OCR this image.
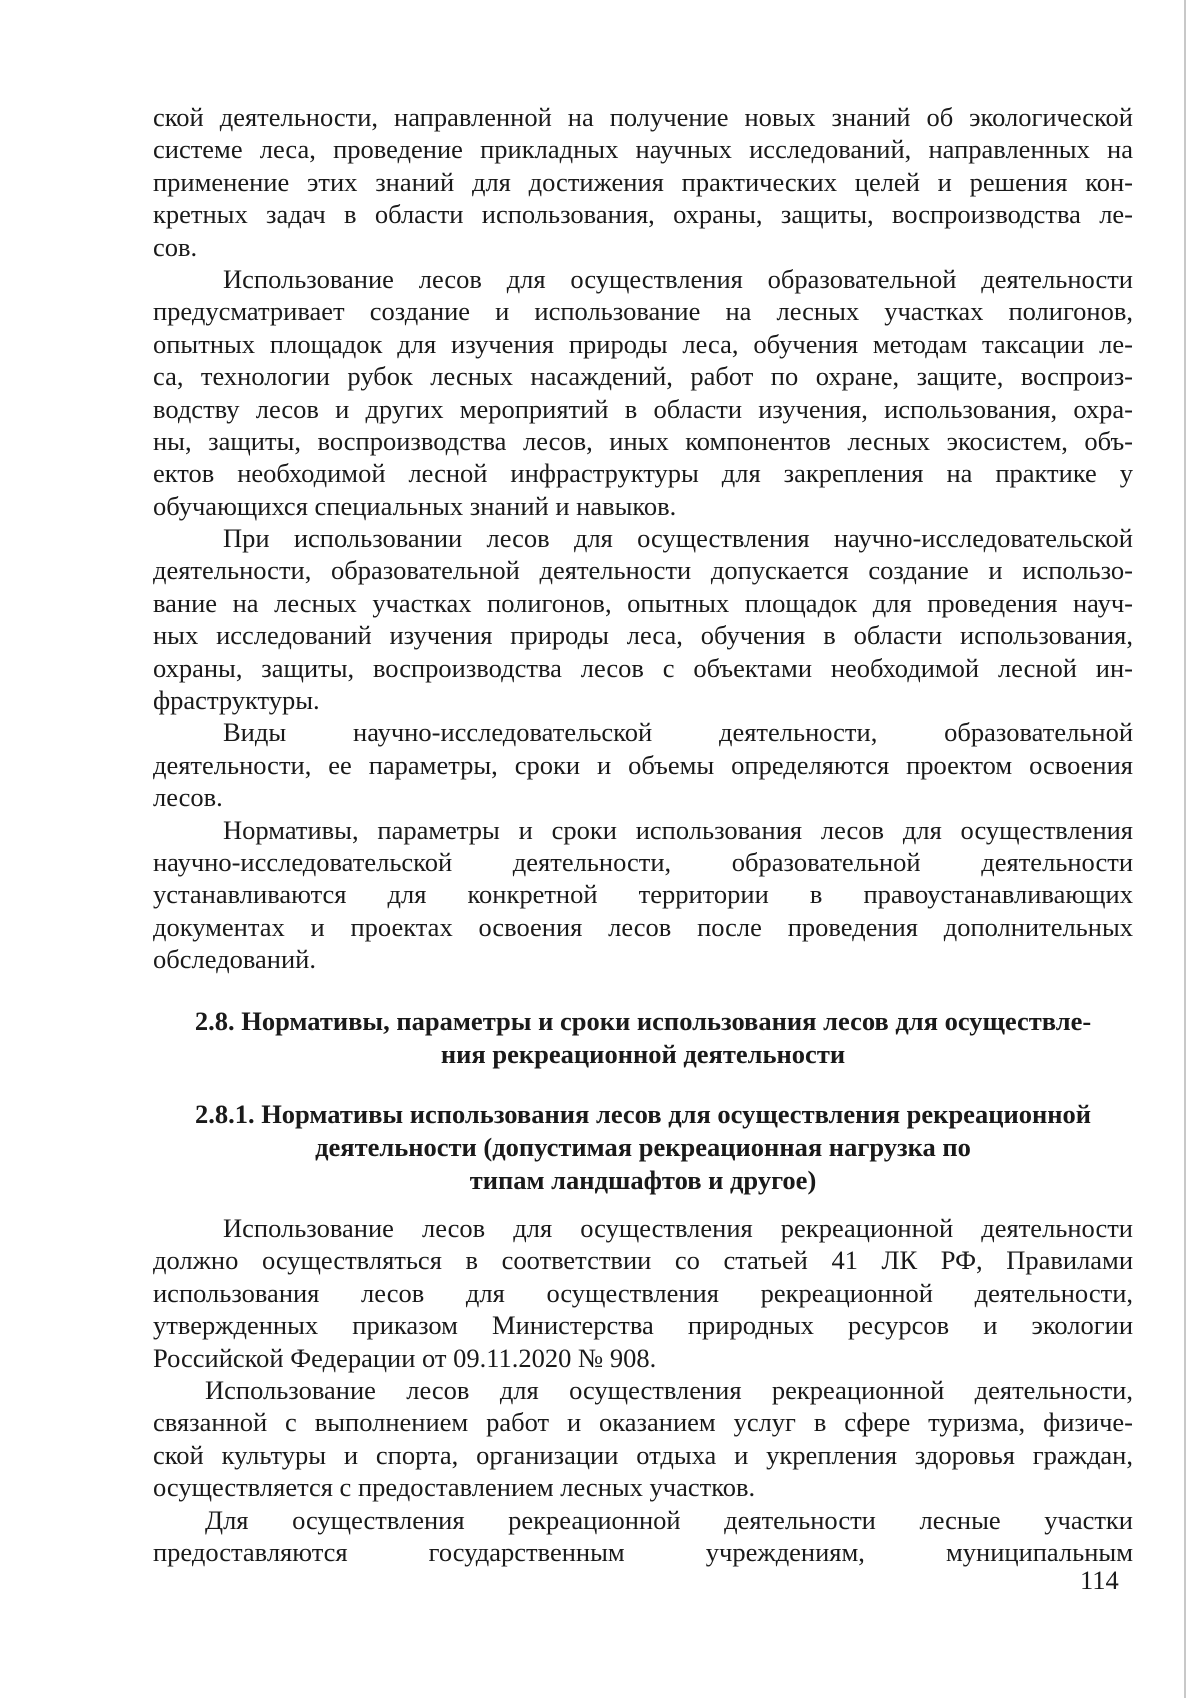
ской деятельности, направленной на получение новых знаний об экологической
системе леса, проведение прикладных научных исследований, направленных на
применение этих знаний для достижения практических целей и решения кон-
кретных задач в области использования, охраны, защиты, воспроизводства ле-
сов.
Использование лесов для осуществления образовательной деятельности
предусматривает создание и использование на лесных участках полигонов,
опытных площадок для изучения природы леса, обучения методам таксации ле-
са, технологии рубок лесных насаждений, работ по охране, защите, воспроиз-
водству лесов и других мероприятий в области изучения, использования, охра-
ны, защиты, воспроизводства лесов, иных компонентов лесных экосистем, объ-
ектов необходимой лесной инфраструктуры для закрепления на практике у
обучающихся специальных знаний и навыков.
При использовании лесов для осуществления научно-исследовательской
деятельности, образовательной деятельности допускается создание и использо-
вание на лесных участках полигонов, опытных площадок для проведения науч-
ных исследований изучения природы леса, обучения в области использования,
охраны, защиты, воспроизводства лесов с объектами необходимой лесной ин-
фраструктуры.
Виды научно-исследовательской деятельности, образовательной
деятельности, ее параметры, сроки и объемы определяются проектом освоения
лесов.
Нормативы, параметры и сроки использования лесов для осуществления
научно-исследовательской деятельности, образовательной деятельности
устанавливаются для конкретной территории в правоустанавливающих
документах и проектах освоения лесов после проведения дополнительных
обследований.
2.8. Нормативы, параметры и сроки использования лесов для осуществле-
ния рекреационной деятельности
2.8.1. Нормативы использования лесов для осуществления рекреационной
деятельности (допустимая рекреационная нагрузка по
типам ландшафтов и другое)
Использование лесов для осуществления рекреационной деятельности
должно осуществляться в соответствии со статьей 41 ЛК РФ, Правилами
использования лесов для осуществления рекреационной деятельности,
утвержденных приказом Министерства природных ресурсов и экологии
Российской Федерации от 09.11.2020 № 908.
Использование лесов для осуществления рекреационной деятельности,
связанной с выполнением работ и оказанием услуг в сфере туризма, физиче-
ской культуры и спорта, организации отдыха и укрепления здоровья граждан,
осуществляется с предоставлением лесных участков.
Для осуществления рекреационной деятельности лесные участки
предоставляются государственным учреждениям, муниципальным
114
